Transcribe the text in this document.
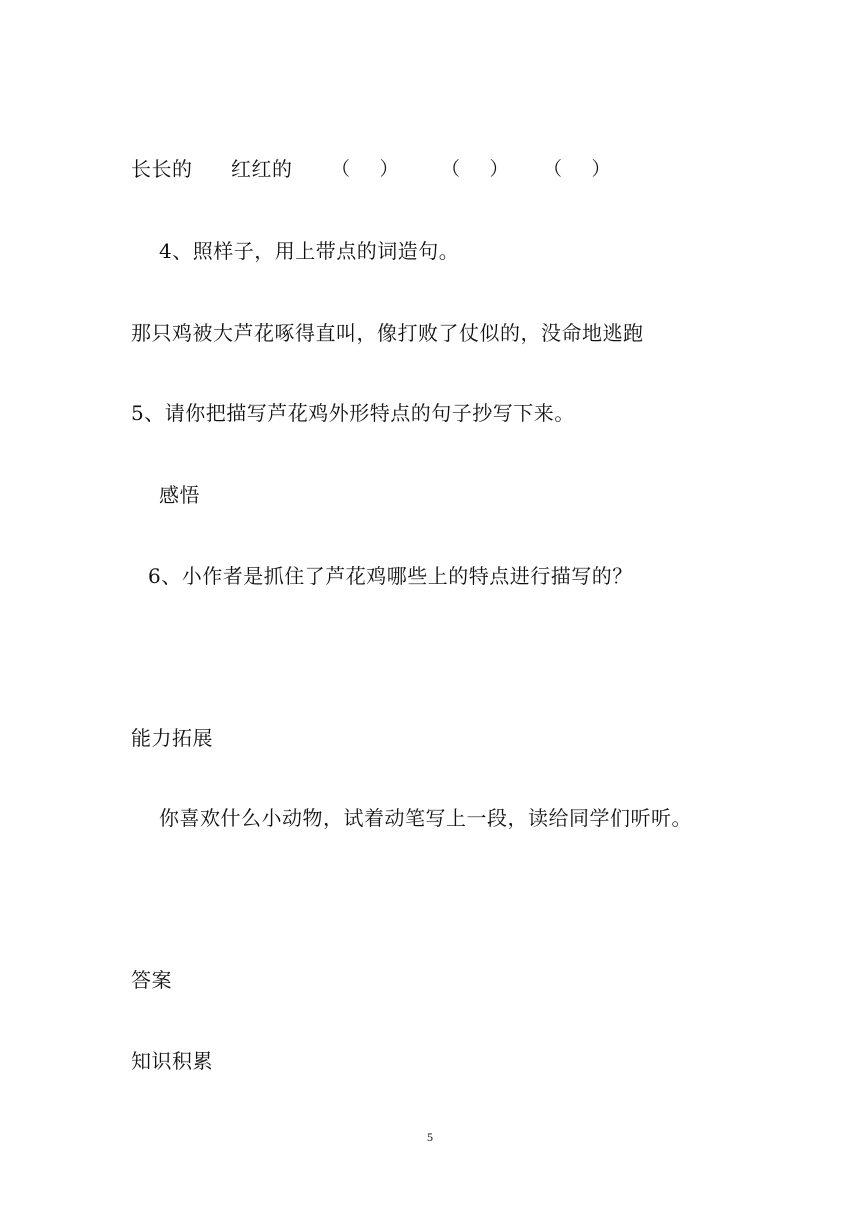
长长的 红红的 （ ） （ ） （ ）
4、照样子，用上带点的词造句。
那只鸡被大芦花啄得直叫，像打败了仗似的，没命地逃跑
5、请你把描写芦花鸡外形特点的句子抄写下来。
感悟
6、小作者是抓住了芦花鸡哪些上的特点进行描写的？
能力拓展
你喜欢什么小动物，试着动笔写上一段，读给同学们听听。
答案
知识积累
5
